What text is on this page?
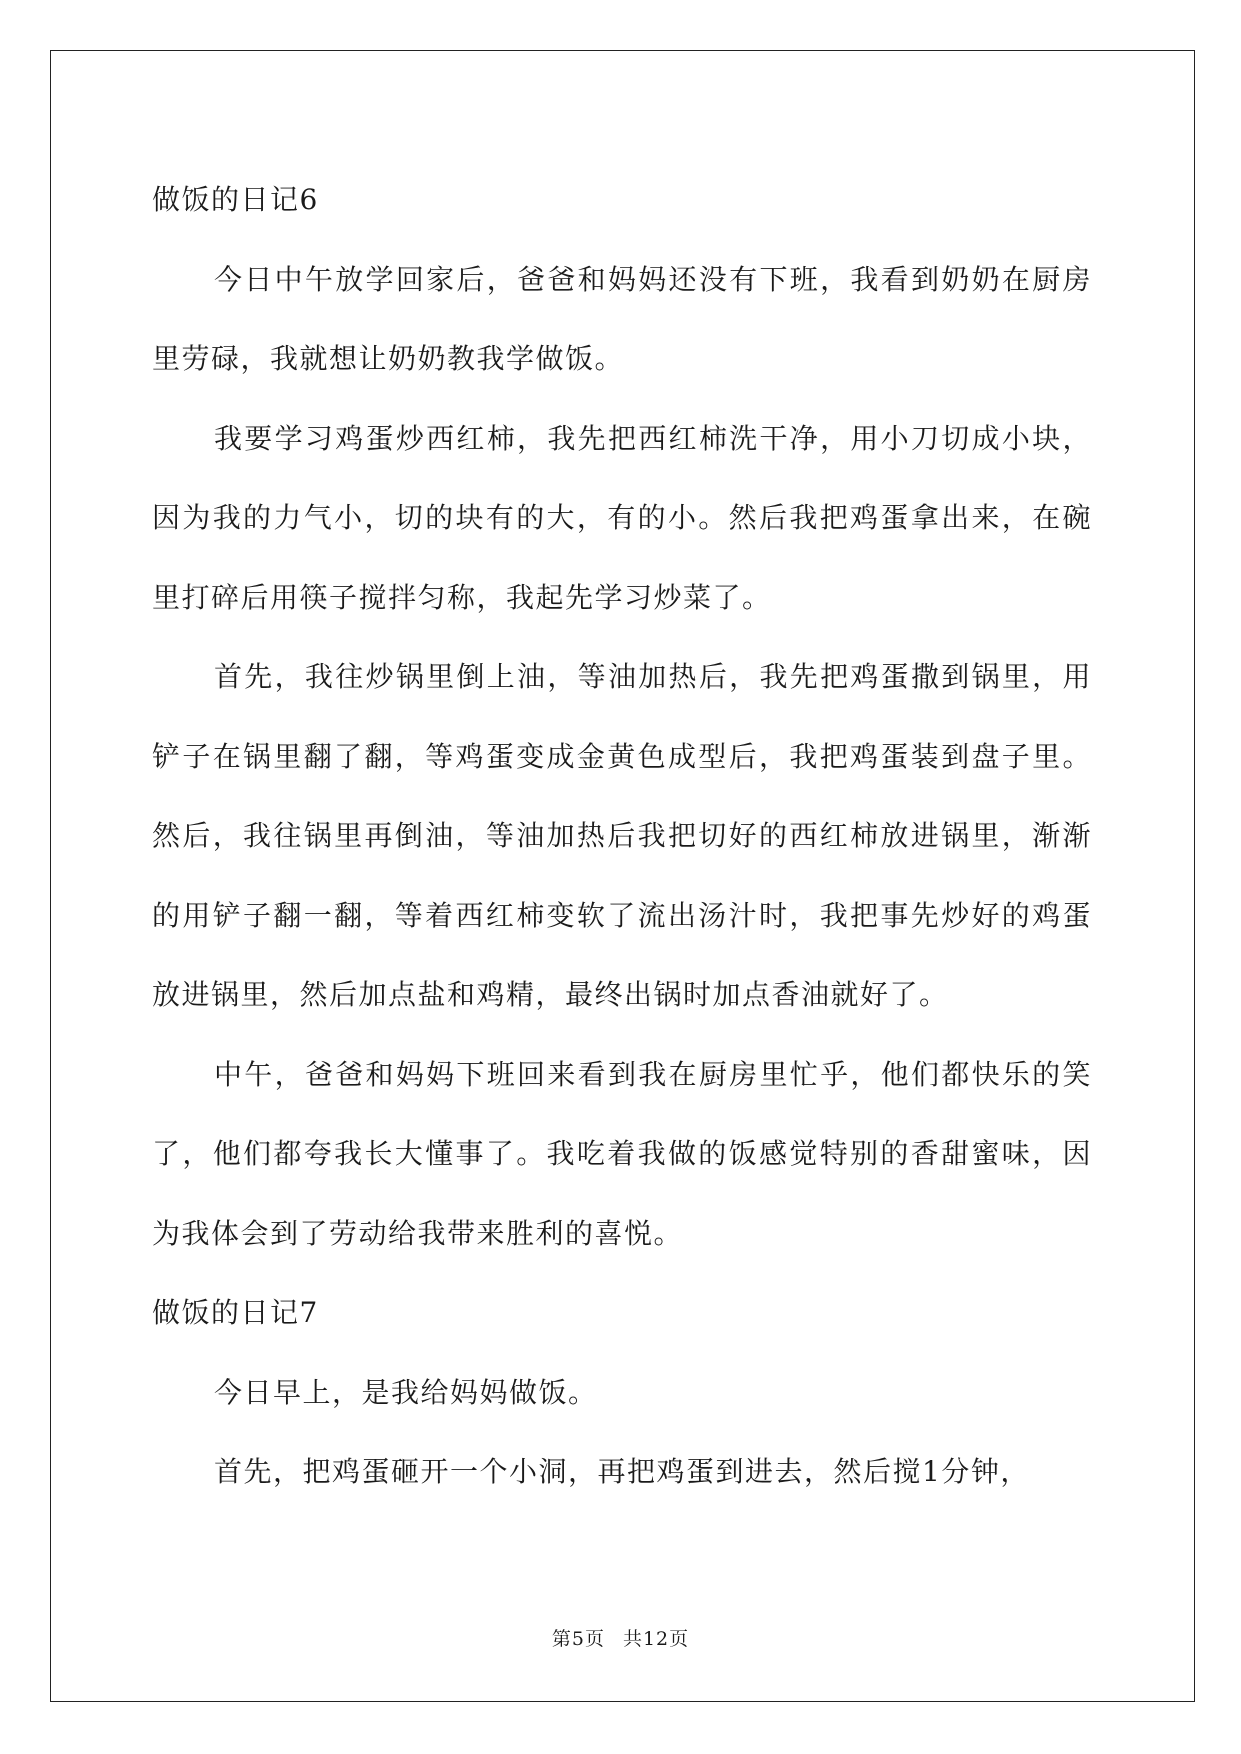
做饭的日记6

今日中午放学回家后，爸爸和妈妈还没有下班，我看到奶奶在厨房里劳碌，我就想让奶奶教我学做饭。

我要学习鸡蛋炒西红柿，我先把西红柿洗干净，用小刀切成小块，因为我的力气小，切的块有的大，有的小。然后我把鸡蛋拿出来，在碗里打碎后用筷子搅拌匀称，我起先学习炒菜了。

首先，我往炒锅里倒上油，等油加热后，我先把鸡蛋撒到锅里，用铲子在锅里翻了翻，等鸡蛋变成金黄色成型后，我把鸡蛋装到盘子里。然后，我往锅里再倒油，等油加热后我把切好的西红柿放进锅里，渐渐的用铲子翻一翻，等着西红柿变软了流出汤汁时，我把事先炒好的鸡蛋放进锅里，然后加点盐和鸡精，最终出锅时加点香油就好了。

中午，爸爸和妈妈下班回来看到我在厨房里忙乎，他们都快乐的笑了，他们都夸我长大懂事了。我吃着我做的饭感觉特别的香甜蜜味，因为我体会到了劳动给我带来胜利的喜悦。

做饭的日记7

今日早上，是我给妈妈做饭。

首先，把鸡蛋砸开一个小洞，再把鸡蛋到进去，然后搅1分钟，

第5页 共12页
